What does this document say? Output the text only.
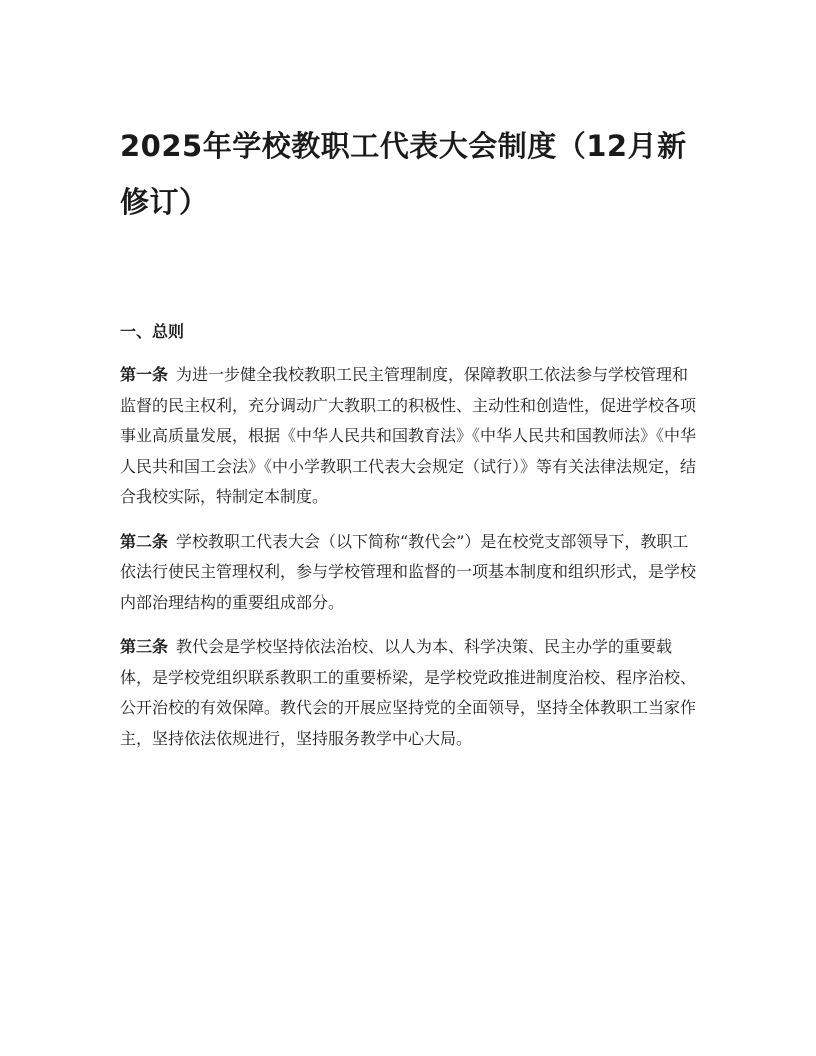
2025年学校教职工代表大会制度（12月新修订）
一、总则

第一条 为进一步健全我校教职工民主管理制度，保障教职工依法参与学校管理和监督的民主权利，充分调动广大教职工的积极性、主动性和创造性，促进学校各项事业高质量发展，根据《中华人民共和国教育法》《中华人民共和国教师法》《中华人民共和国工会法》《中小学教职工代表大会规定（试行）》等有关法律法规定，结合我校实际，特制定本制度。

第二条 学校教职工代表大会（以下简称“教代会”）是在校党支部领导下，教职工依法行使民主管理权利，参与学校管理和监督的一项基本制度和组织形式，是学校内部治理结构的重要组成部分。

第三条 教代会是学校坚持依法治校、以人为本、科学决策、民主办学的重要载体，是学校党组织联系教职工的重要桥梁，是学校党政推进制度治校、程序治校、公开治校的有效保障。教代会的开展应坚持党的全面领导，坚持全体教职工当家作主，坚持依法依规进行，坚持服务教学中心大局。
